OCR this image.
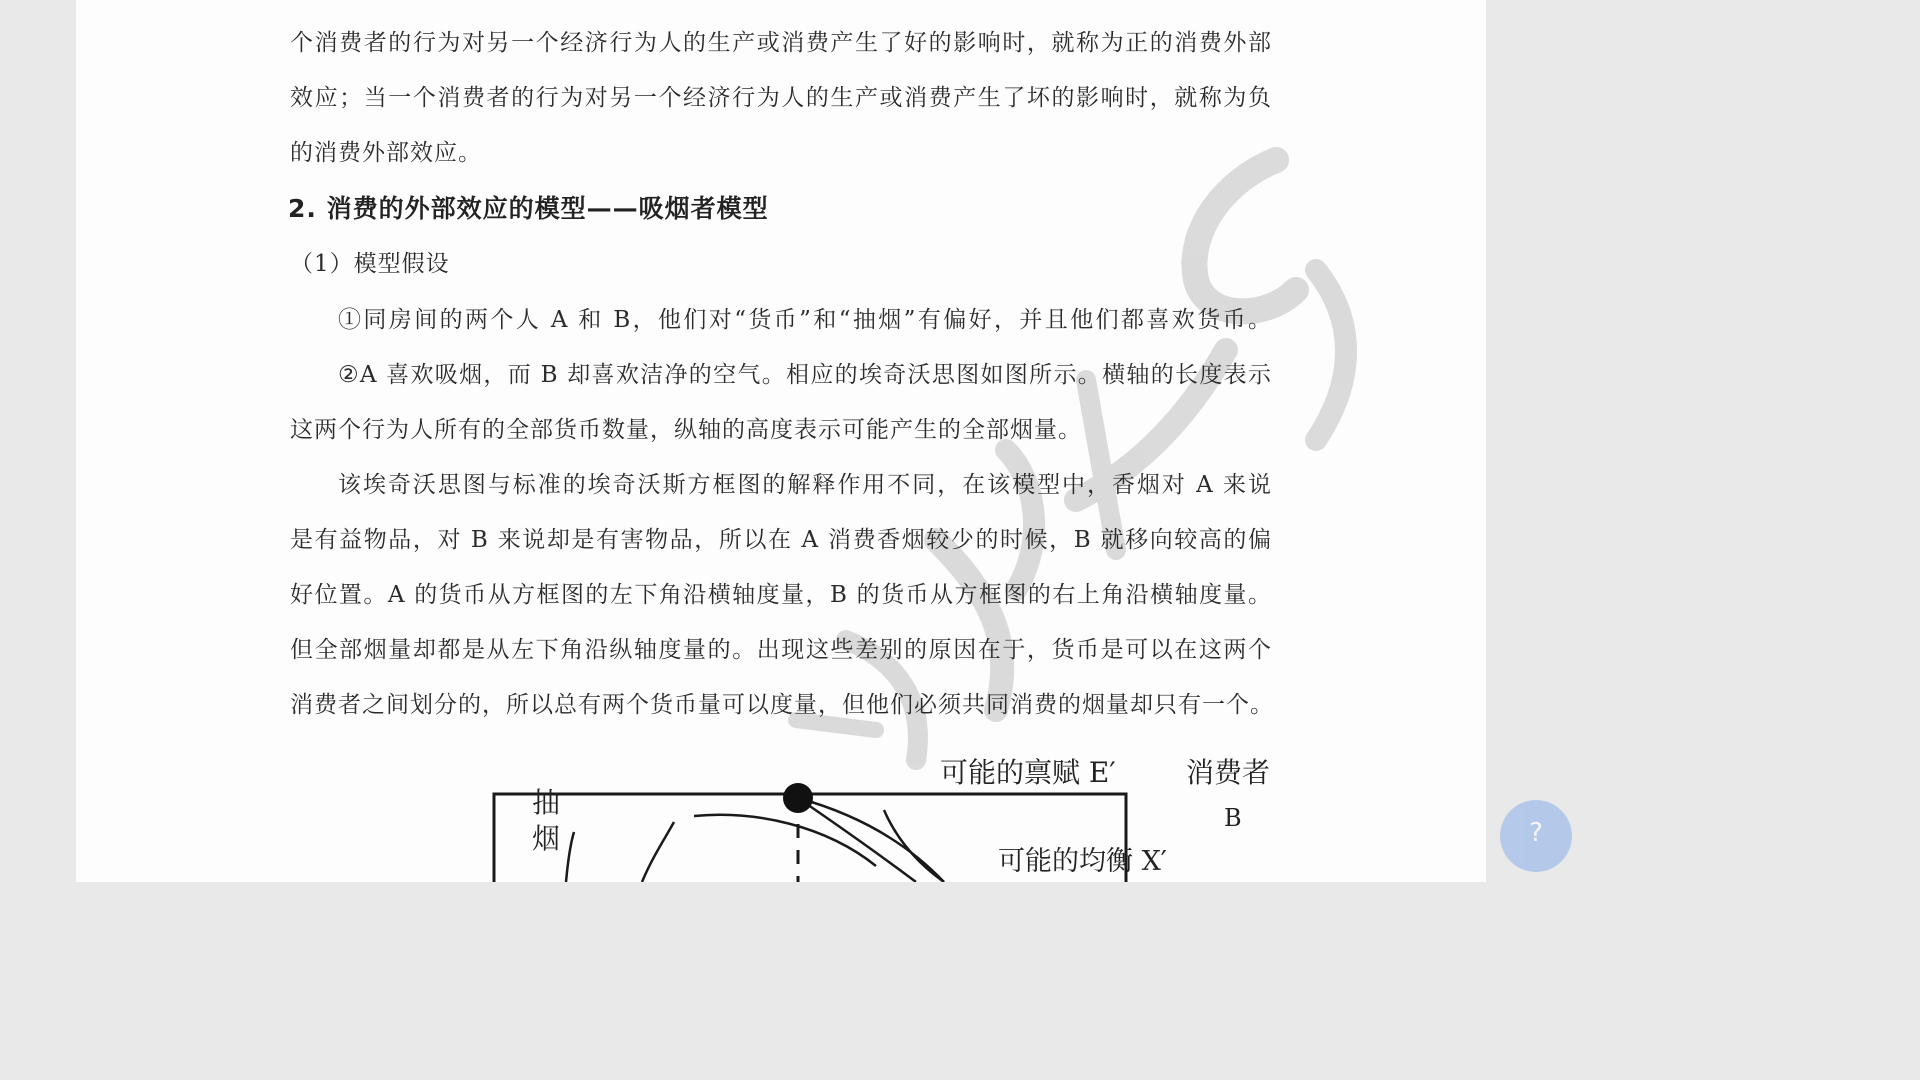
个消费者的行为对另一个经济行为人的生产或消费产生了好的影响时，就称为正的消费外部
效应；当一个消费者的行为对另一个经济行为人的生产或消费产生了坏的影响时，就称为负
的消费外部效应。
2. 消费的外部效应的模型——吸烟者模型
（1）模型假设
①同房间的两个人 A 和 B，他们对“货币”和“抽烟”有偏好，并且他们都喜欢货币。
②A 喜欢吸烟，而 B 却喜欢洁净的空气。相应的埃奇沃思图如图所示。横轴的长度表示
这两个行为人所有的全部货币数量，纵轴的高度表示可能产生的全部烟量。
该埃奇沃思图与标准的埃奇沃斯方框图的解释作用不同，在该模型中，香烟对 A 来说
是有益物品，对 B 来说却是有害物品，所以在 A 消费香烟较少的时候，B 就移向较高的偏
好位置。A 的货币从方框图的左下角沿横轴度量，B 的货币从方框图的右上角沿横轴度量。
但全部烟量却都是从左下角沿纵轴度量的。出现这些差别的原因在于，货币是可以在这两个
消费者之间划分的，所以总有两个货币量可以度量，但他们必须共同消费的烟量却只有一个。
可能的禀赋 E′	消费者
B
抽
烟
可能的均衡 X′
?
